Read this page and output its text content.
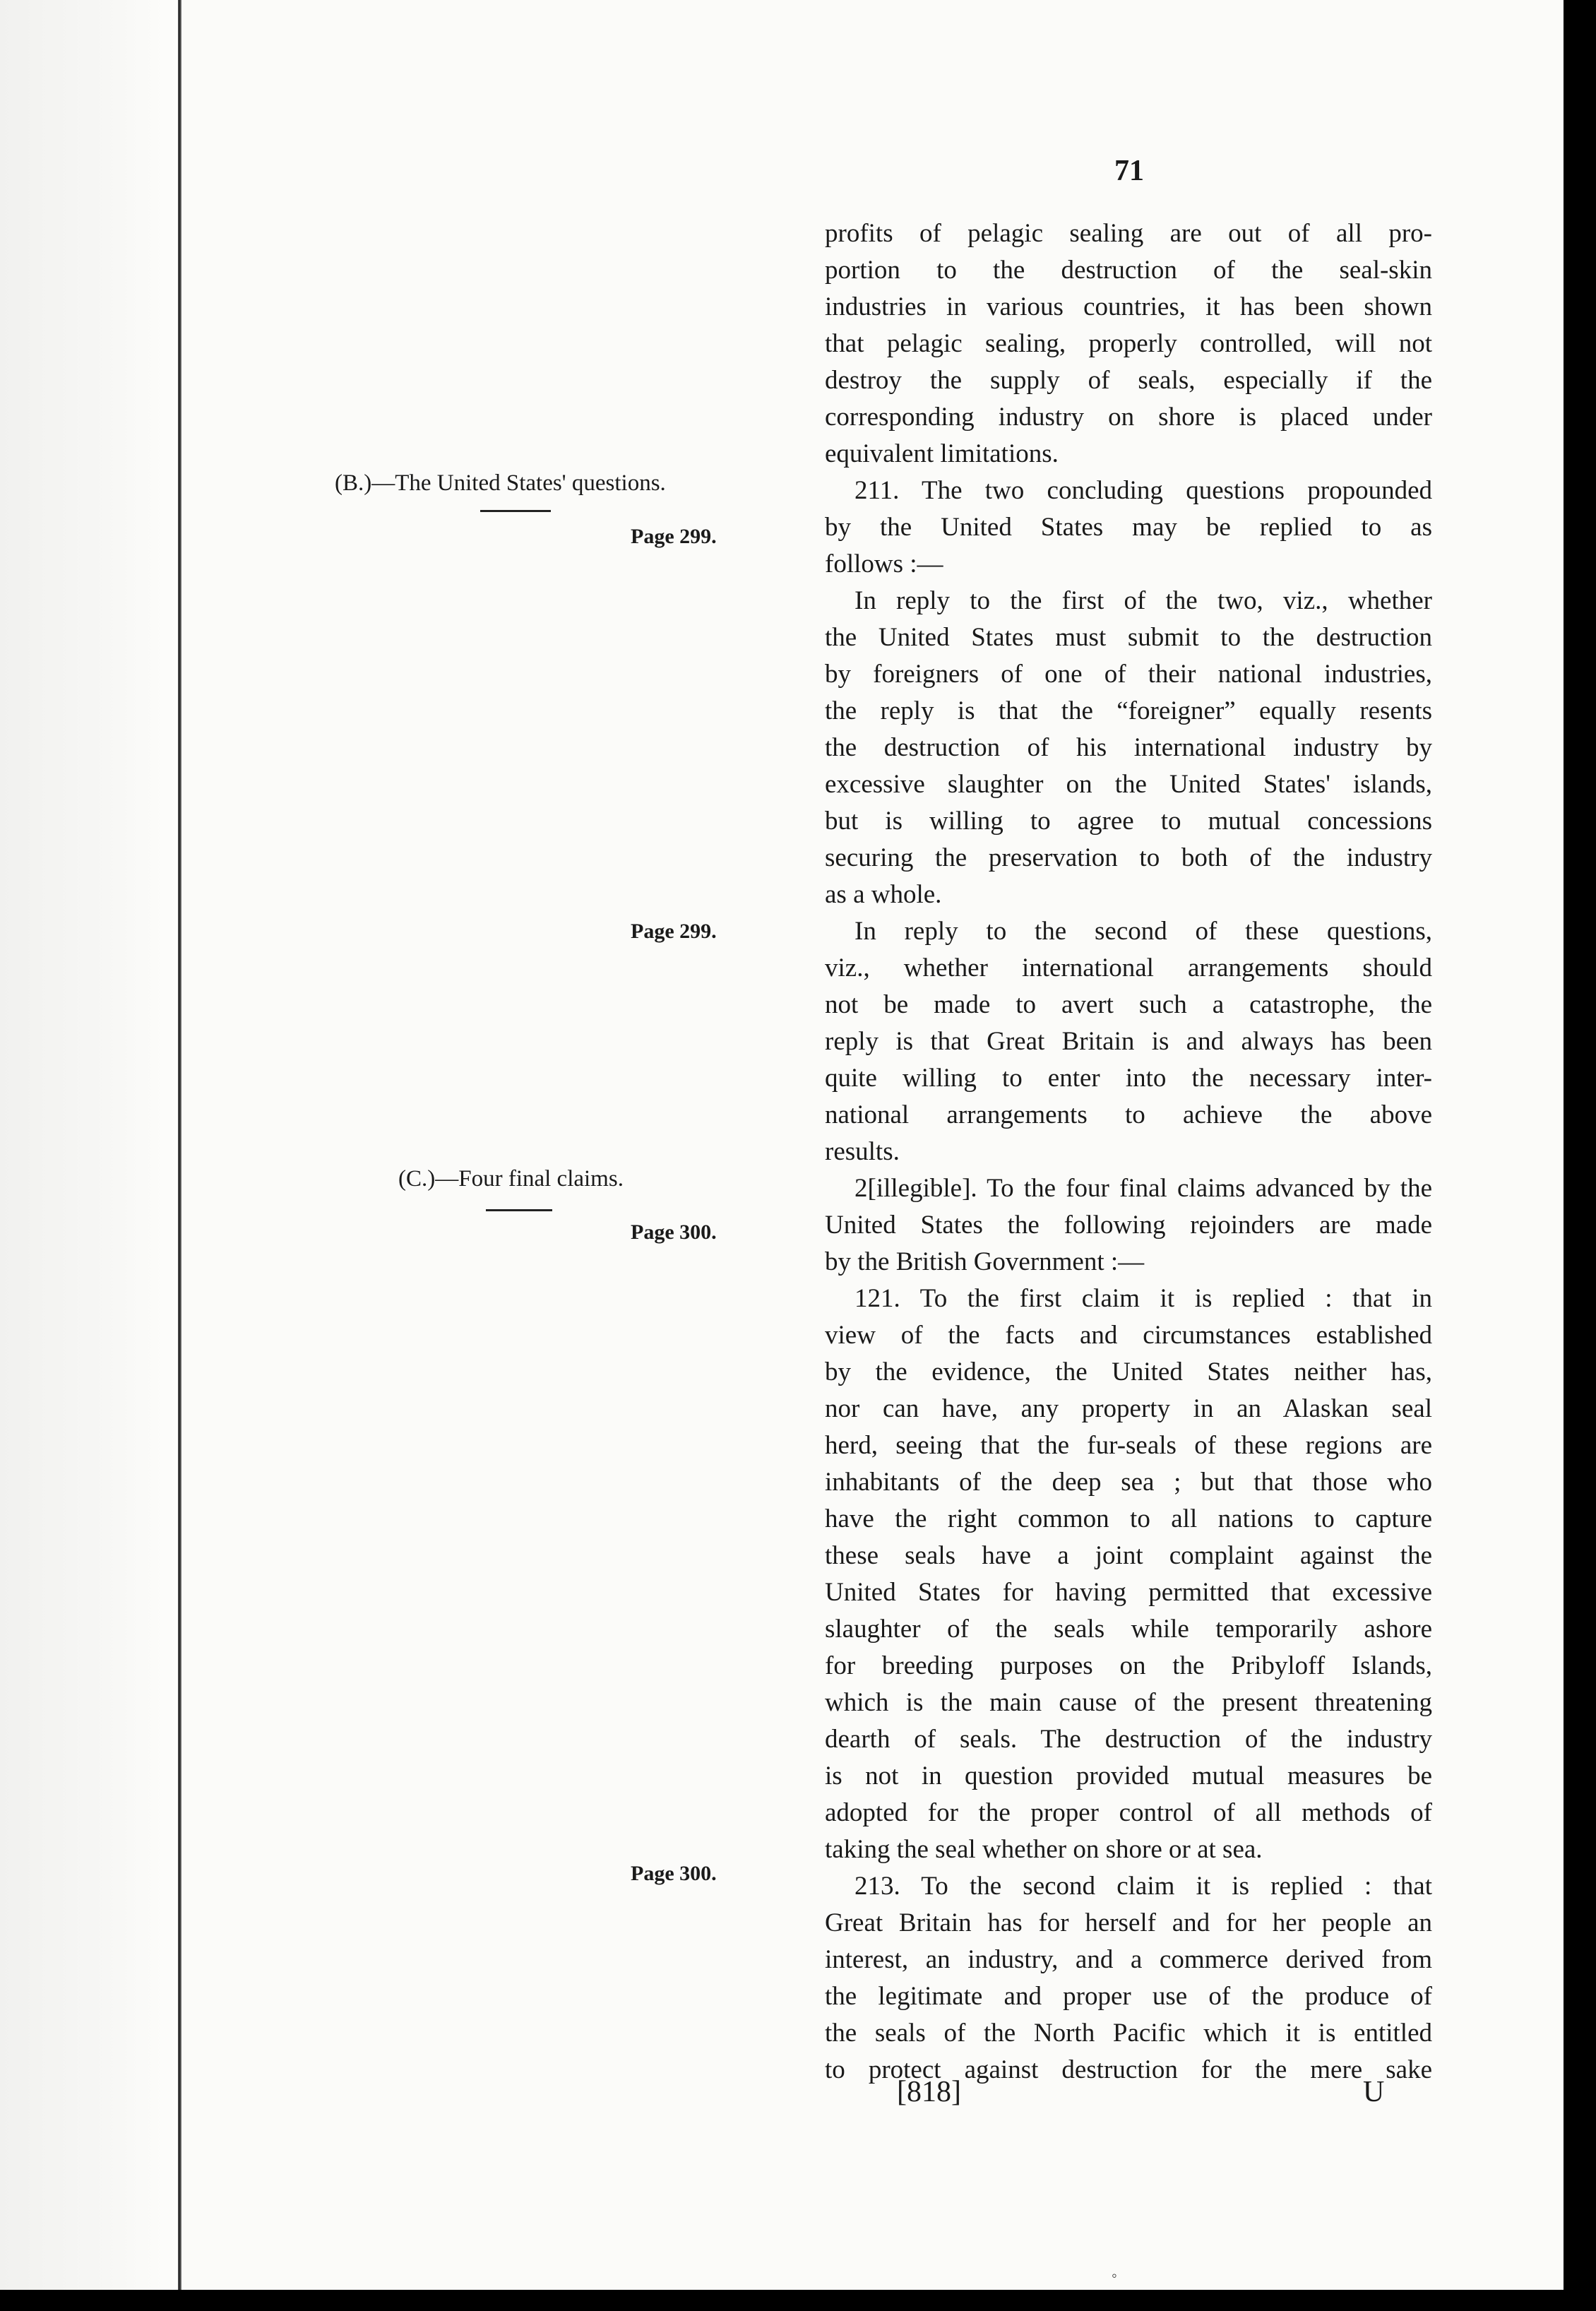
71
(B.)—The United States' questions.
Page 299.
Page 299.
(C.)—Four final claims.
Page 300.
Page 300.
profits of pelagic sealing are out of all pro-
portion to the destruction of the seal-skin
industries in various countries, it has been shown
that pelagic sealing, properly controlled, will not
destroy the supply of seals, especially if the
corresponding industry on shore is placed under
equivalent limitations.
211. The two concluding questions propounded
by the United States may be replied to as
follows :—
In reply to the first of the two, viz., whether
the United States must submit to the destruction
by foreigners of one of their national industries,
the reply is that the “foreigner” equally resents
the destruction of his international industry by
excessive slaughter on the United States' islands,
but is willing to agree to mutual concessions
securing the preservation to both of the industry
as a whole.
In reply to the second of these questions,
viz., whether international arrangements should
not be made to avert such a catastrophe, the
reply is that Great Britain is and always has been
quite willing to enter into the necessary inter-
national arrangements to achieve the above
results.
2[illegible]. To the four final claims advanced by the
United States the following rejoinders are made
by the British Government :—
121. To the first claim it is replied : that in
view of the facts and circumstances established
by the evidence, the United States neither has,
nor can have, any property in an Alaskan seal
herd, seeing that the fur-seals of these regions are
inhabitants of the deep sea ; but that those who
have the right common to all nations to capture
these seals have a joint complaint against the
United States for having permitted that excessive
slaughter of the seals while temporarily ashore
for breeding purposes on the Pribyloff Islands,
which is the main cause of the present threatening
dearth of seals. The destruction of the industry
is not in question provided mutual measures be
adopted for the proper control of all methods of
taking the seal whether on shore or at sea.
213. To the second claim it is replied : that
Great Britain has for herself and for her people an
interest, an industry, and a commerce derived from
the legitimate and proper use of the produce of
the seals of the North Pacific which it is entitled
to protect against destruction for the mere sake
[818]	U
◦
